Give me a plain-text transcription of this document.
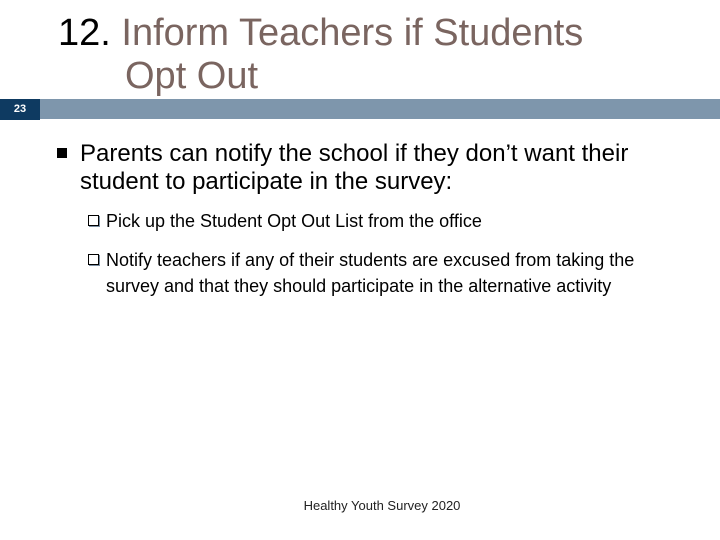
12. Inform Teachers if Students
Opt Out
23
Parents can notify the school if they don’t want their student to participate in the survey:
Pick up the Student Opt Out List from the office
Notify teachers if any of their students are excused from taking the survey and that they should participate in the alternative activity
Healthy Youth Survey 2020
